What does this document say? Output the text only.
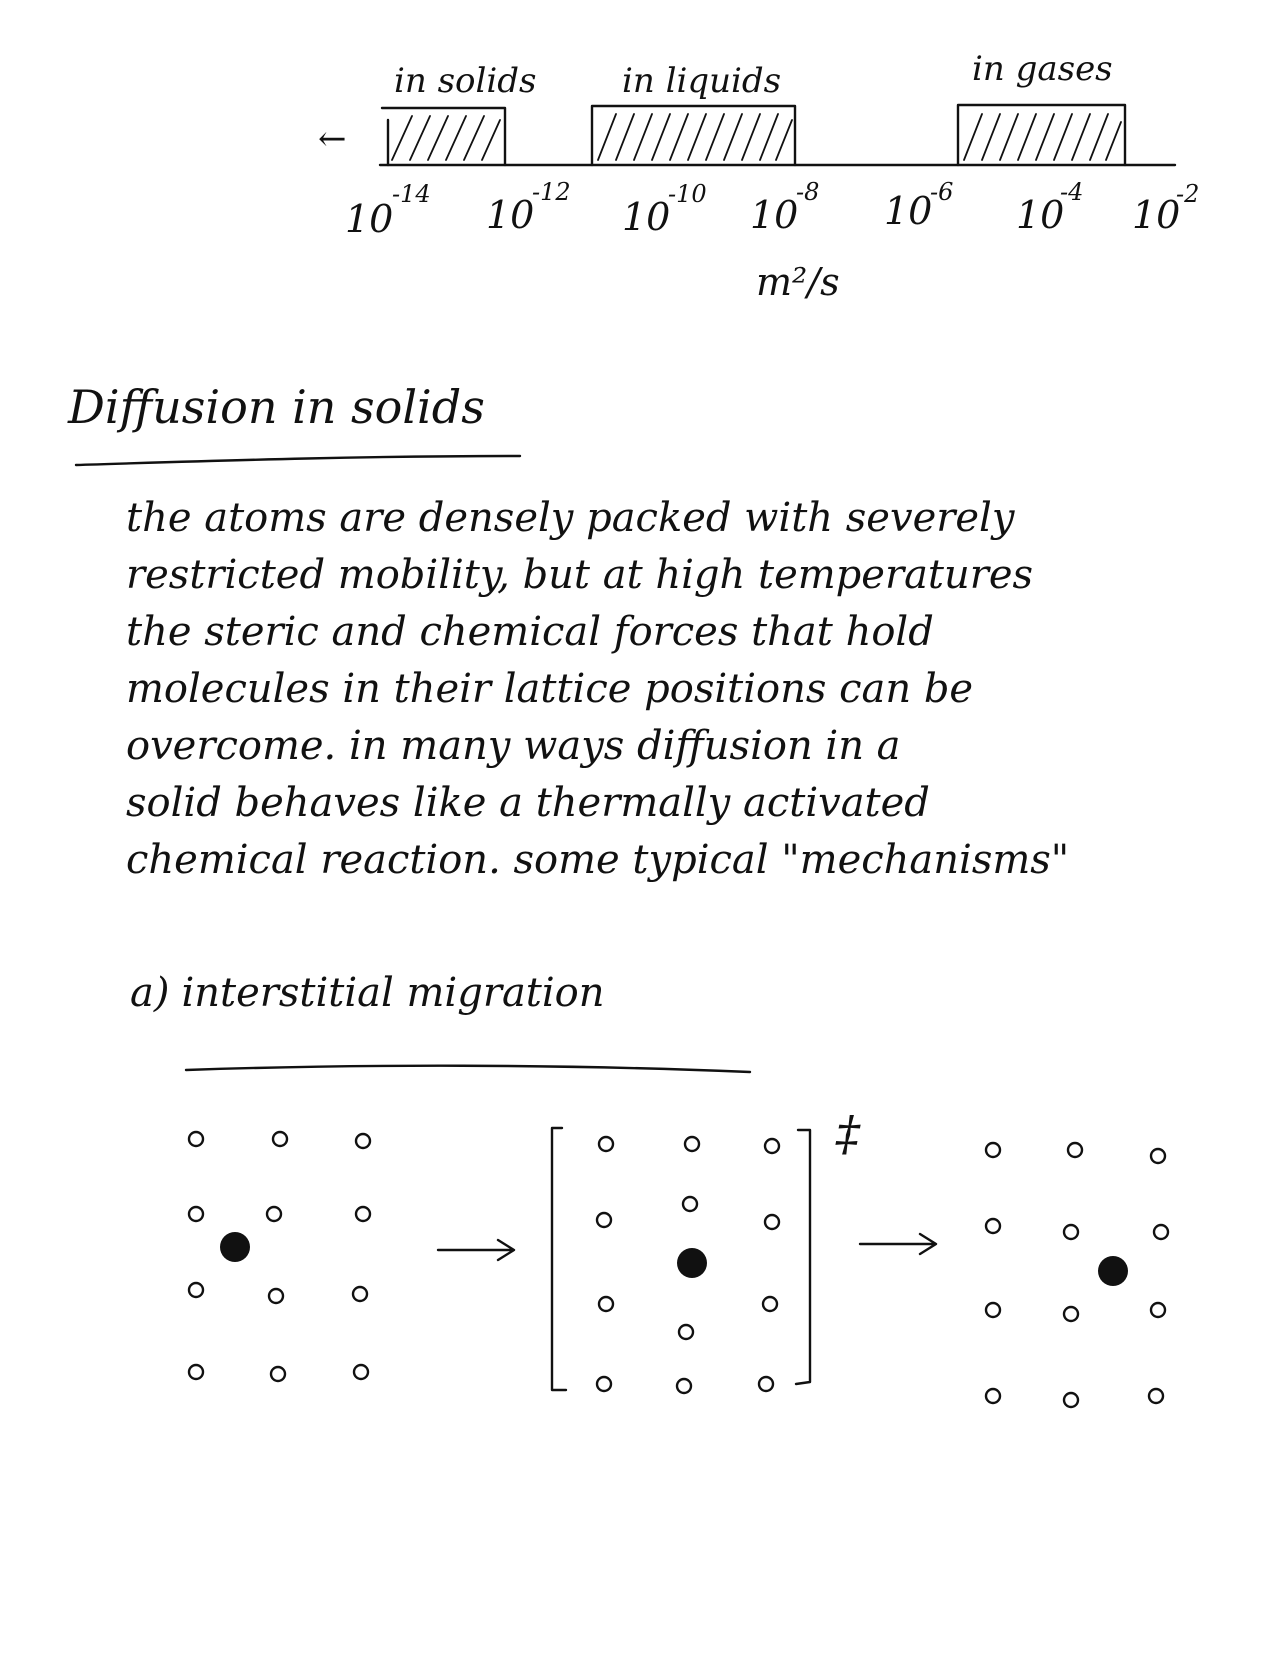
in solids	in liquids	in gases
←
10
-14 10
-12
10
-10 10
-8 10
-6
10
-4
10
-2
m²/s
‡
Diffusion in solids

the atoms are densely packed with severely
restricted mobility, but at high temperatures
the steric and chemical forces that hold
molecules in their lattice positions can be
overcome. in many ways diffusion in a
solid behaves like a thermally activated
chemical reaction. some typical "mechanisms"

a) interstitial migration
